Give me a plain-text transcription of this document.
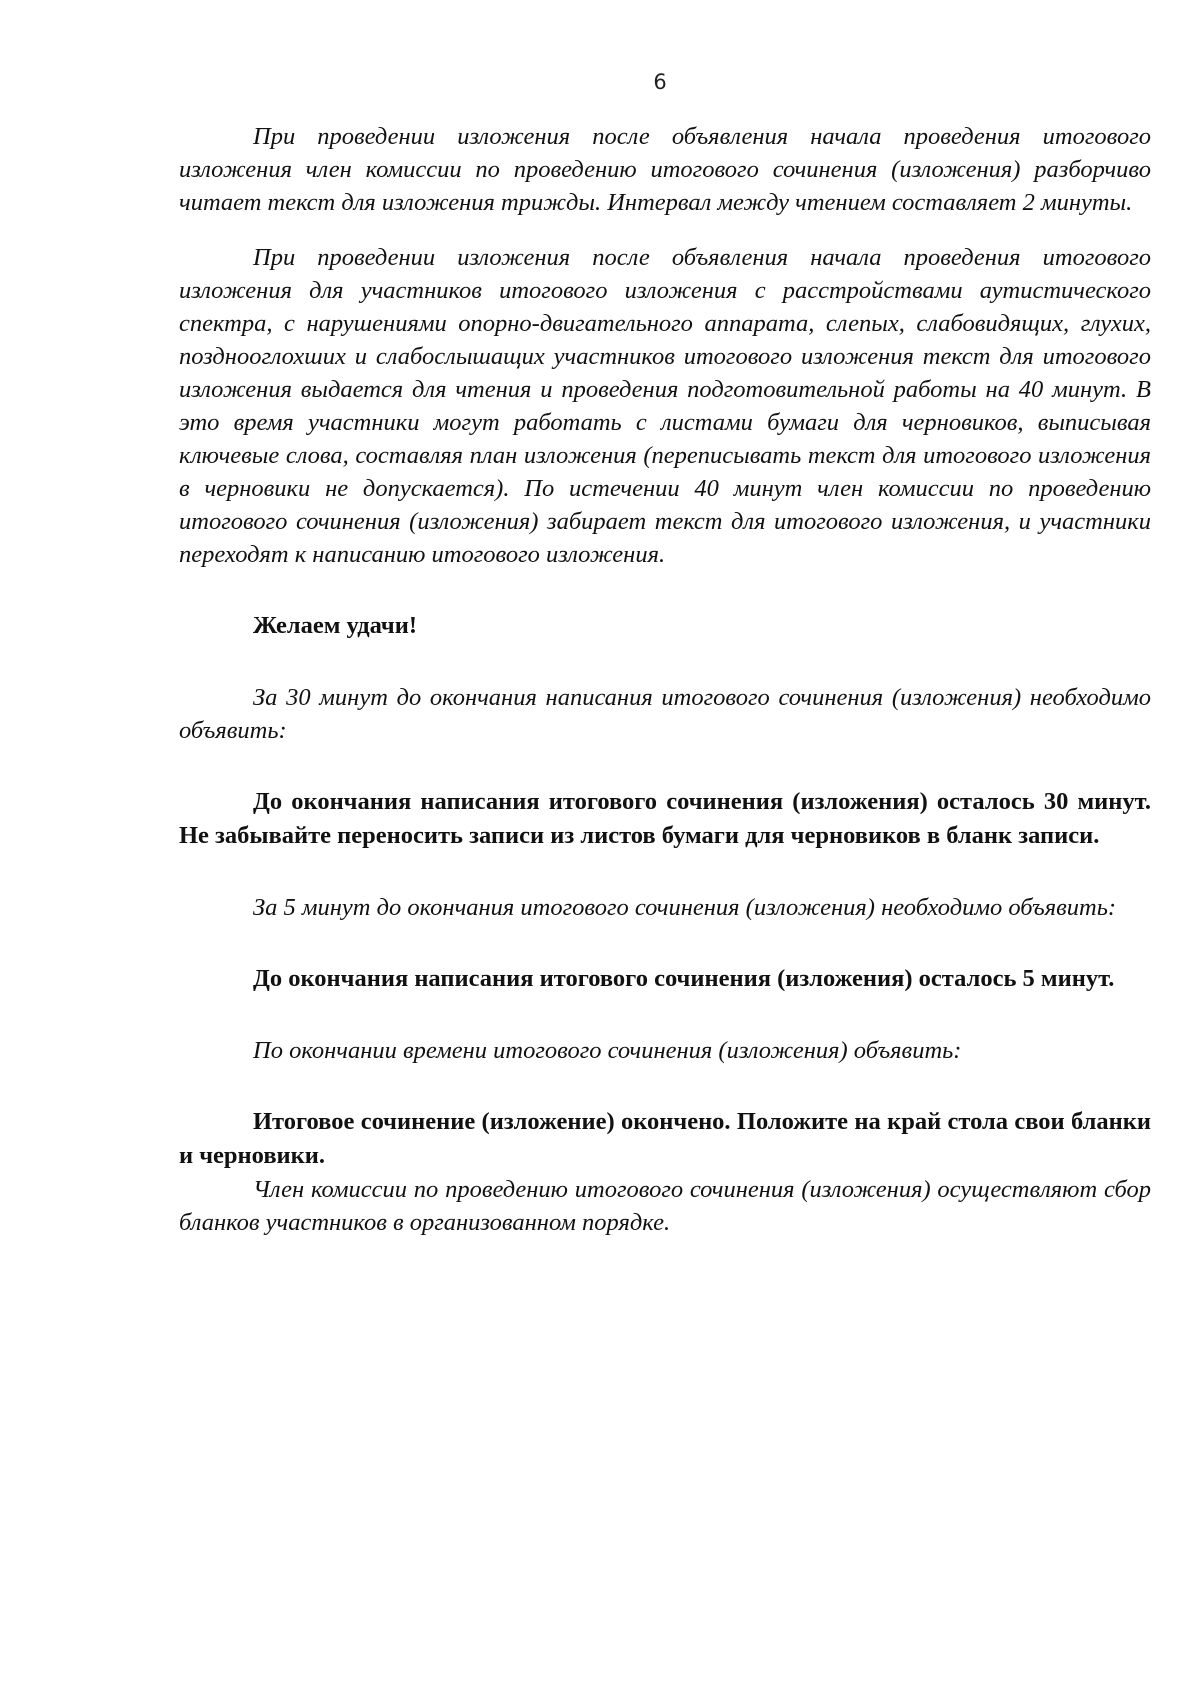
6

При проведении изложения после объявления начала проведения итогового изложения член комиссии по проведению итогового сочинения (изложения) разборчиво читает текст для изложения трижды. Интервал между чтением составляет 2 минуты.

При проведении изложения после объявления начала проведения итогового изложения для участников итогового изложения с расстройствами аутистического спектра, с нарушениями опорно-двигательного аппарата, слепых, слабовидящих, глухих, позднооглохших и слабослышащих участников итогового изложения текст для итогового изложения выдается для чтения и проведения подготовительной работы на 40 минут. В это время участники могут работать с листами бумаги для черновиков, выписывая ключевые слова, составляя план изложения (переписывать текст для итогового изложения в черновики не допускается). По истечении 40 минут член комиссии по проведению итогового сочинения (изложения) забирает текст для итогового изложения, и участники переходят к написанию итогового изложения.

Желаем удачи!

За 30 минут до окончания написания итогового сочинения (изложения) необходимо объявить:

До окончания написания итогового сочинения (изложения) осталось 30 минут. Не забывайте переносить записи из листов бумаги для черновиков в бланк записи.

За 5 минут до окончания итогового сочинения (изложения) необходимо объявить:

До окончания написания итогового сочинения (изложения) осталось 5 минут.

По окончании времени итогового сочинения (изложения) объявить:

Итоговое сочинение (изложение) окончено. Положите на край стола свои бланки и черновики.

Член комиссии по проведению итогового сочинения (изложения) осуществляют сбор бланков участников в организованном порядке.
